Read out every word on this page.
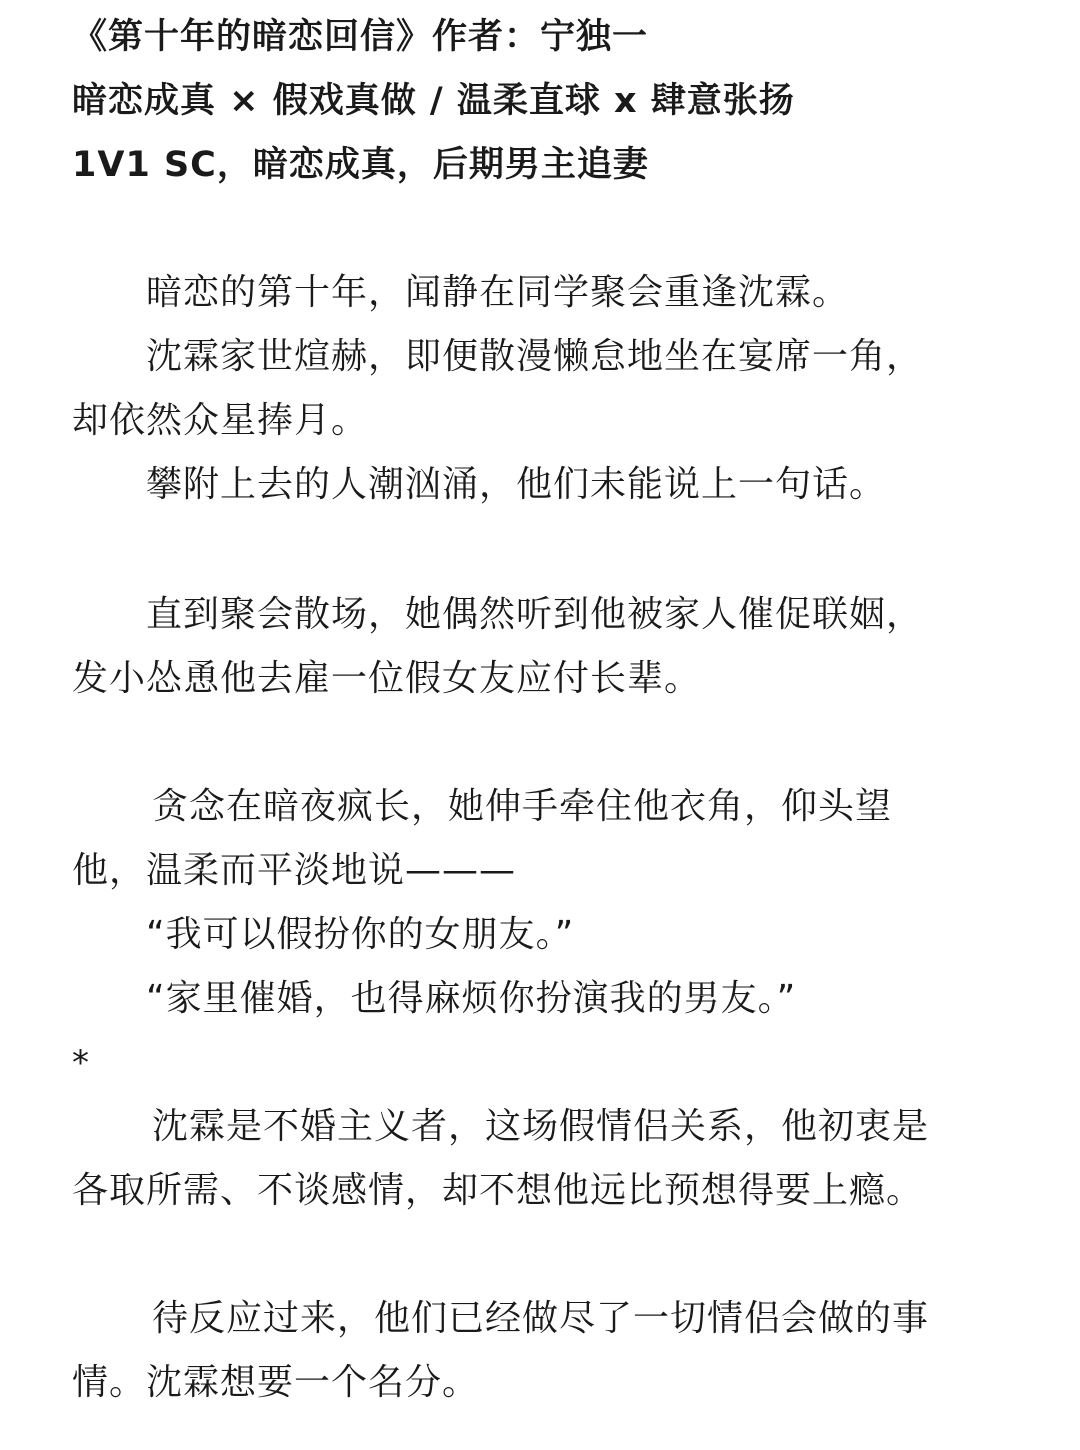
《第十年的暗恋回信》作者：宁独一
暗恋成真 × 假戏真做 / 温柔直球 x 肆意张扬
1V1 SC，暗恋成真，后期男主追妻
暗恋的第十年，闻静在同学聚会重逢沈霖。
沈霖家世煊赫，即便散漫懒怠地坐在宴席一角，
却依然众星捧月。
攀附上去的人潮汹涌，他们未能说上一句话。
直到聚会散场，她偶然听到他被家人催促联姻，
发小怂恿他去雇一位假女友应付长辈。
贪念在暗夜疯长，她伸手牵住他衣角，仰头望
他，温柔而平淡地说———
“我可以假扮你的女朋友。”
“家里催婚，也得麻烦你扮演我的男友。”
*
沈霖是不婚主义者，这场假情侣关系，他初衷是
各取所需、不谈感情，却不想他远比预想得要上瘾。
待反应过来，他们已经做尽了一切情侣会做的事
情。沈霖想要一个名分。
